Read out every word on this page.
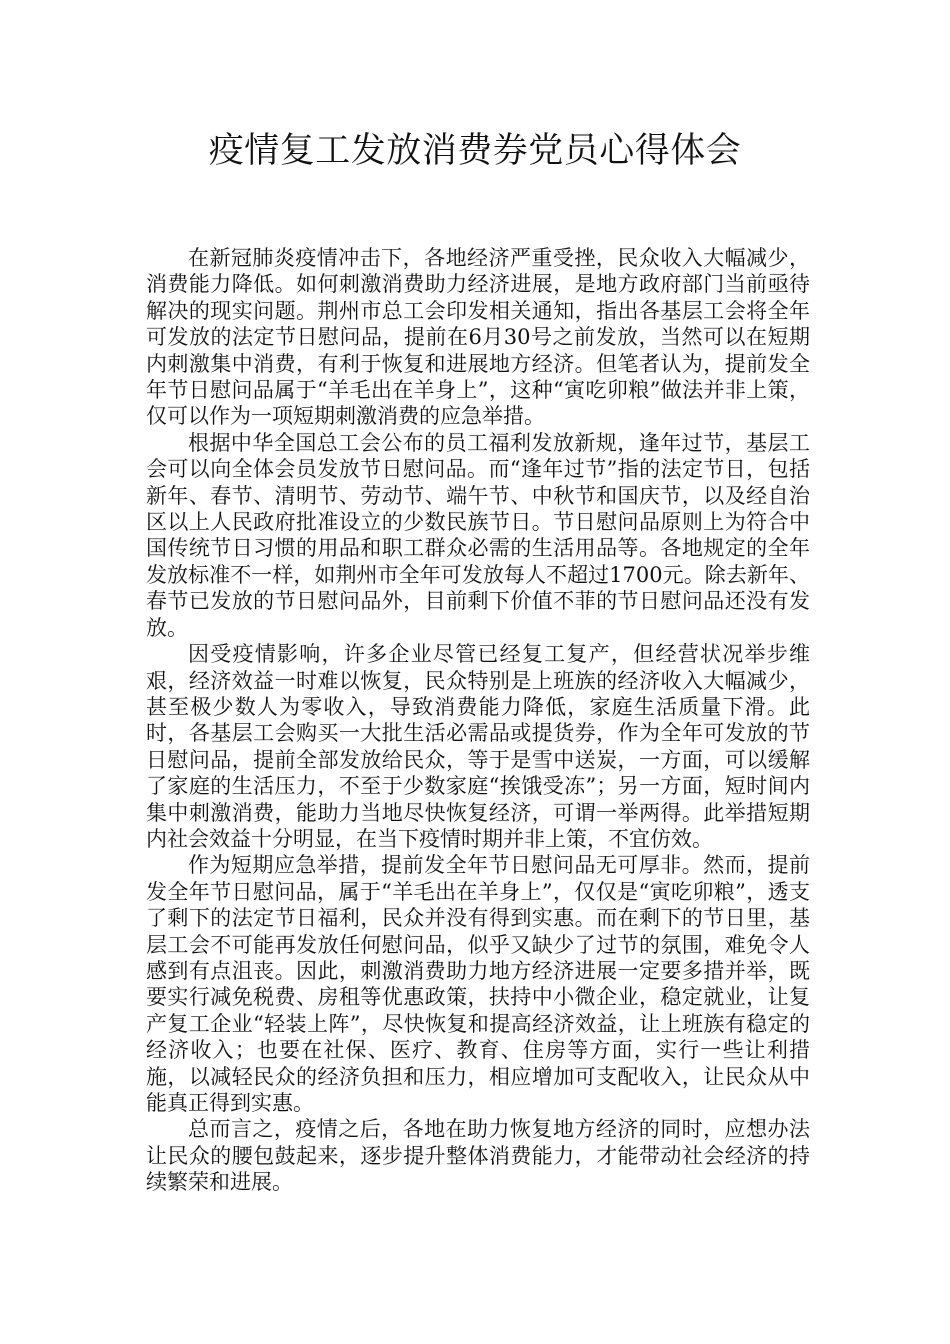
疫情复工发放消费券党员心得体会

在新冠肺炎疫情冲击下，各地经济严重受挫，民众收入大幅减少，消费能力降低。如何刺激消费助力经济进展，是地方政府部门当前亟待解决的现实问题。荆州市总工会印发相关通知，指出各基层工会将全年可发放的法定节日慰问品，提前在6月30号之前发放，当然可以在短期内刺激集中消费，有利于恢复和进展地方经济。但笔者认为，提前发全年节日慰问品属于“羊毛出在羊身上”，这种“寅吃卯粮”做法并非上策，仅可以作为一项短期刺激消费的应急举措。

根据中华全国总工会公布的员工福利发放新规，逢年过节，基层工会可以向全体会员发放节日慰问品。而“逢年过节”指的法定节日，包括新年、春节、清明节、劳动节、端午节、中秋节和国庆节，以及经自治区以上人民政府批准设立的少数民族节日。节日慰问品原则上为符合中国传统节日习惯的用品和职工群众必需的生活用品等。各地规定的全年发放标准不一样，如荆州市全年可发放每人不超过1700元。除去新年、春节已发放的节日慰问品外，目前剩下价值不菲的节日慰问品还没有发放。

因受疫情影响，许多企业尽管已经复工复产，但经营状况举步维艰，经济效益一时难以恢复，民众特别是上班族的经济收入大幅减少，甚至极少数人为零收入，导致消费能力降低，家庭生活质量下滑。此时，各基层工会购买一大批生活必需品或提货券，作为全年可发放的节日慰问品，提前全部发放给民众，等于是雪中送炭，一方面，可以缓解了家庭的生活压力，不至于少数家庭“挨饿受冻”；另一方面，短时间内集中刺激消费，能助力当地尽快恢复经济，可谓一举两得。此举措短期内社会效益十分明显，在当下疫情时期并非上策，不宜仿效。

作为短期应急举措，提前发全年节日慰问品无可厚非。然而，提前发全年节日慰问品，属于“羊毛出在羊身上”，仅仅是“寅吃卯粮”，透支了剩下的法定节日福利，民众并没有得到实惠。而在剩下的节日里，基层工会不可能再发放任何慰问品，似乎又缺少了过节的氛围，难免令人感到有点沮丧。因此，刺激消费助力地方经济进展一定要多措并举，既要实行减免税费、房租等优惠政策，扶持中小微企业，稳定就业，让复产复工企业“轻装上阵”，尽快恢复和提高经济效益，让上班族有稳定的经济收入；也要在社保、医疗、教育、住房等方面，实行一些让利措施，以减轻民众的经济负担和压力，相应增加可支配收入，让民众从中能真正得到实惠。

总而言之，疫情之后，各地在助力恢复地方经济的同时，应想办法让民众的腰包鼓起来，逐步提升整体消费能力，才能带动社会经济的持续繁荣和进展。
